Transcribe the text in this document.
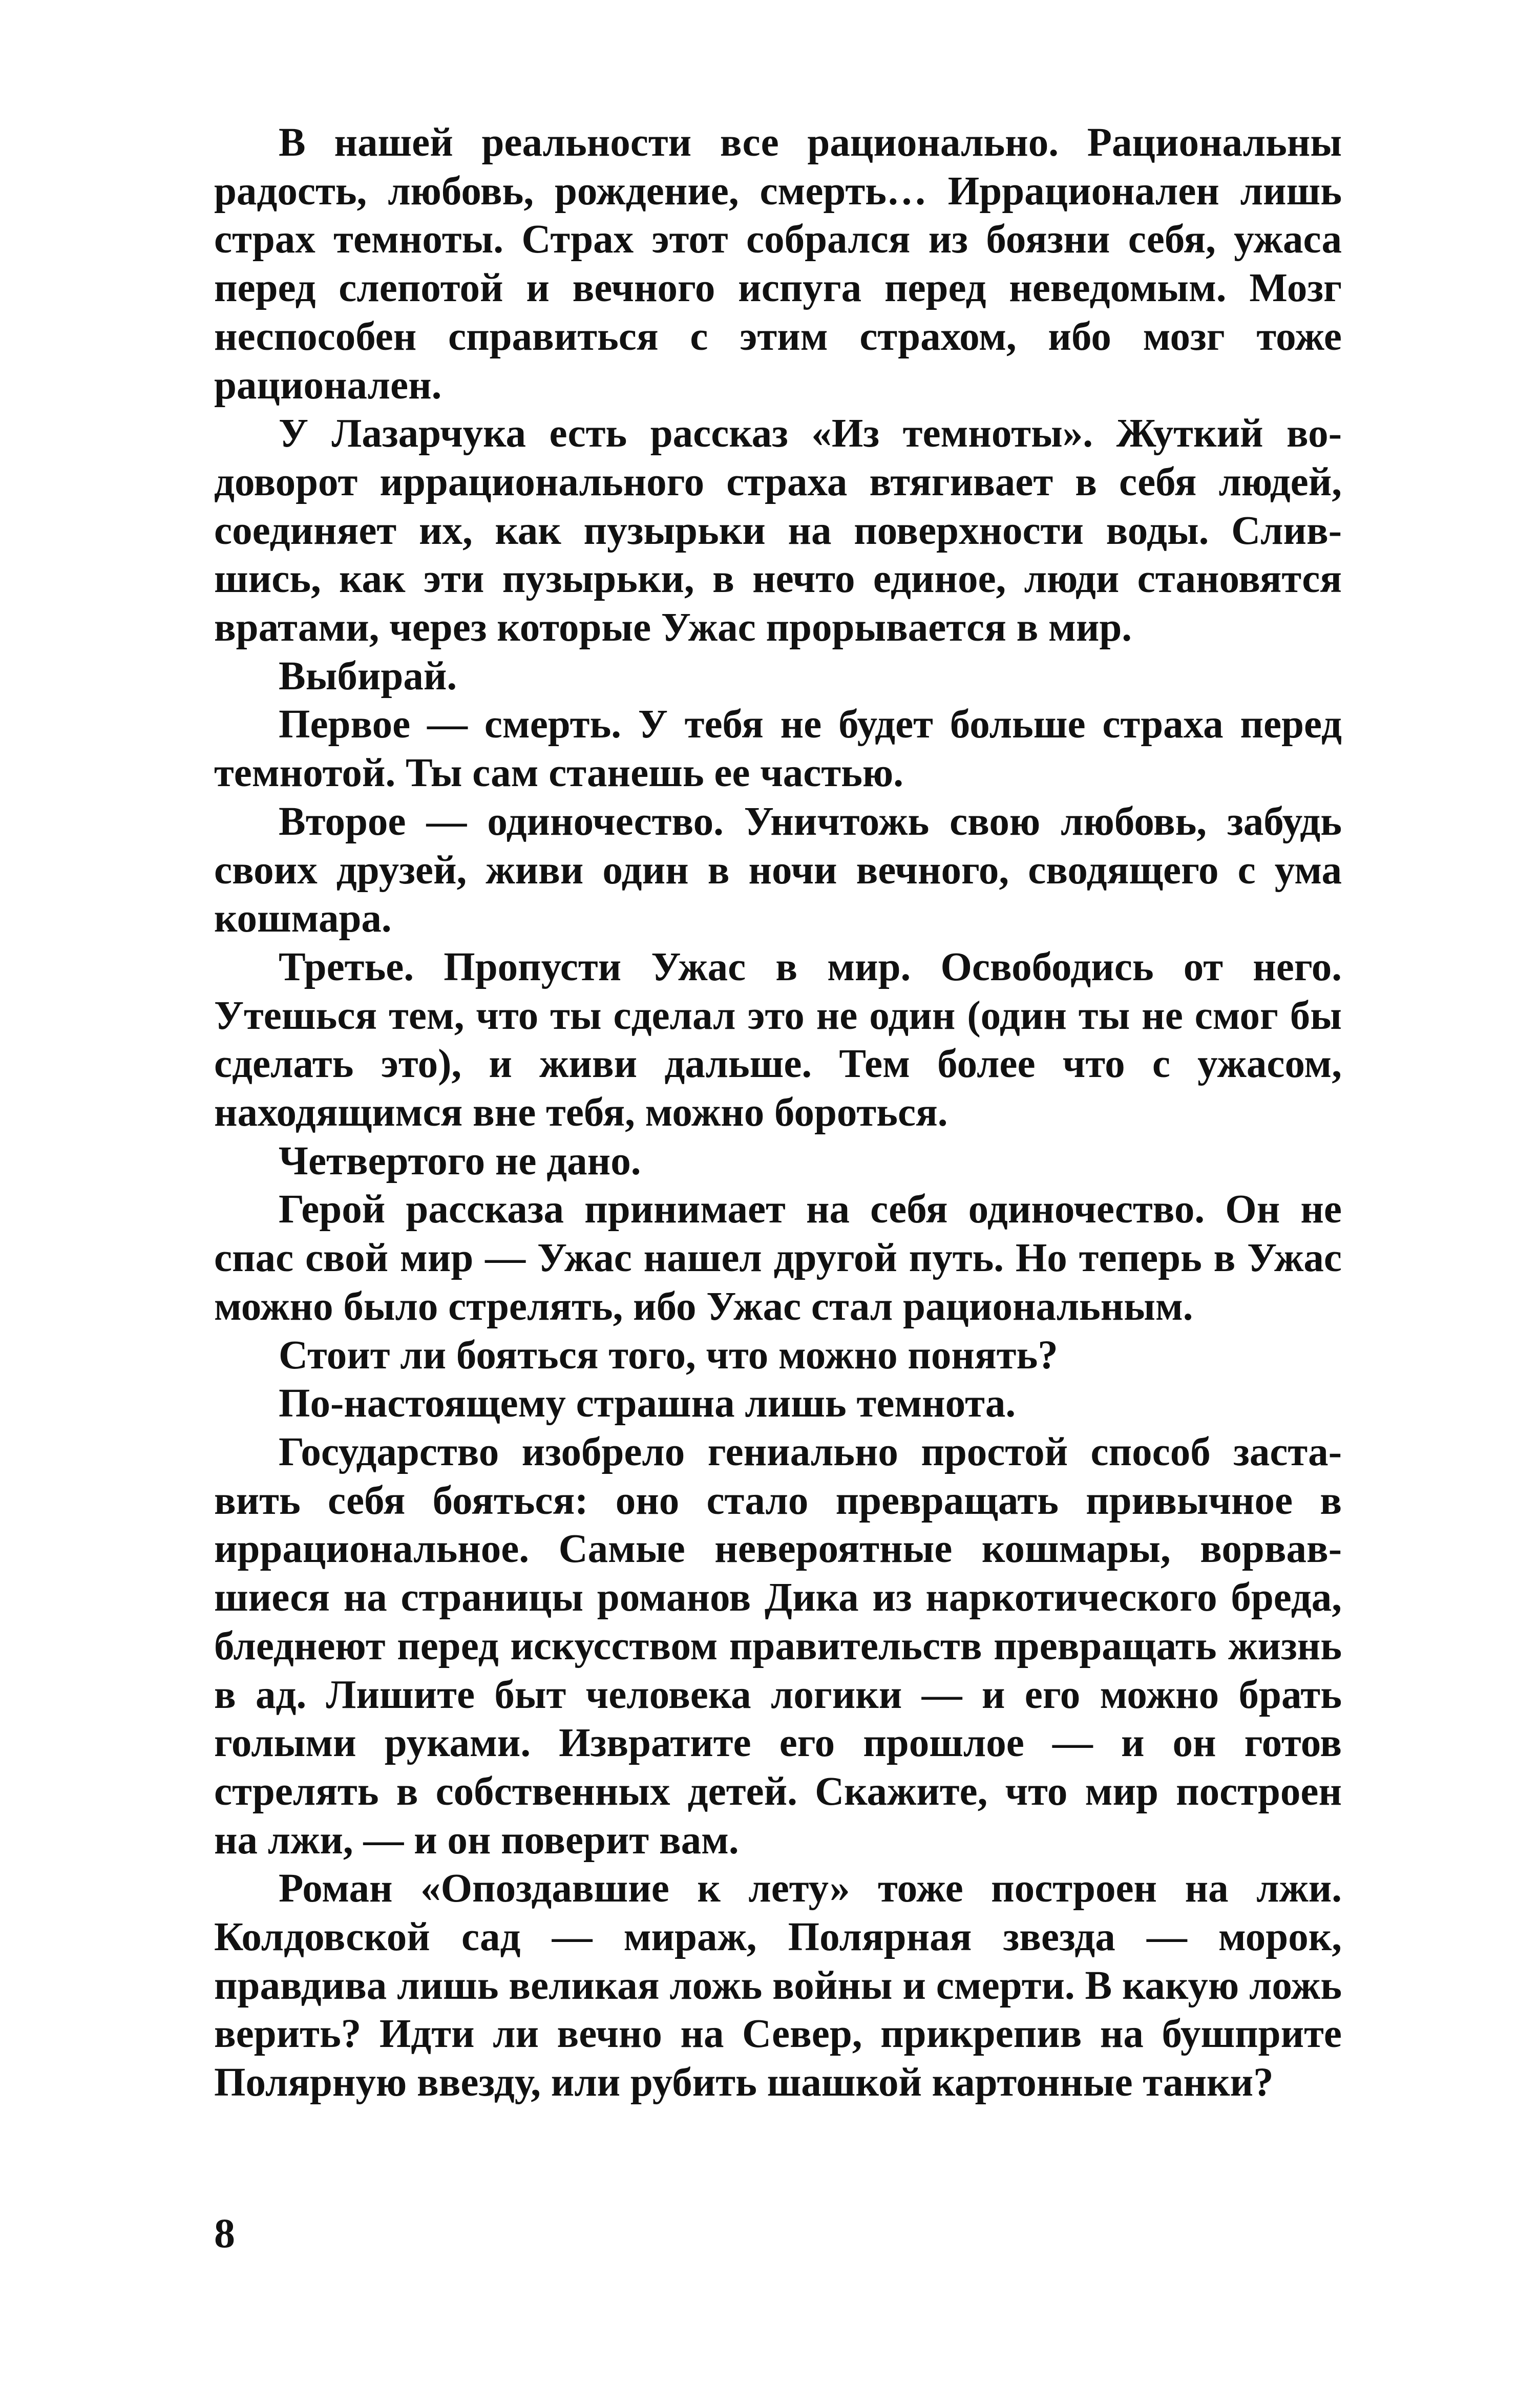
В нашей реальности все рационально. Рациональны радость, любовь, рождение, смерть… Иррационален лишь страх темноты. Страх этот собрался из боязни себя, ужаса перед слепотой и вечного испуга перед неведомым. Мозг неспособен справиться с этим страхом, ибо мозг тоже рационален.

У Лазарчука есть рассказ «Из темноты». Жуткий водоворот иррационального страха втягивает в себя людей, соединяет их, как пузырьки на поверхности воды. Слившись, как эти пузырьки, в нечто единое, люди становятся вратами, через которые Ужас прорывается в мир.

Выбирай.

Первое — смерть. У тебя не будет больше страха перед темнотой. Ты сам станешь ее частью.

Второе — одиночество. Уничтожь свою любовь, забудь своих друзей, живи один в ночи вечного, сводящего с ума кошмара.

Третье. Пропусти Ужас в мир. Освободись от него. Утешься тем, что ты сделал это не один (один ты не смог бы сделать это), и живи дальше. Тем более что с ужасом, находящимся вне тебя, можно бороться.

Четвертого не дано.

Герой рассказа принимает на себя одиночество. Он не спас свой мир — Ужас нашел другой путь. Но теперь в Ужас можно было стрелять, ибо Ужас стал рациональным.

Стоит ли бояться того, что можно понять?

По-настоящему страшна лишь темнота.

Государство изобрело гениально простой способ заставить себя бояться: оно стало превращать привычное в иррациональное. Самые невероятные кошмары, ворвавшиеся на страницы романов Дика из наркотического бреда, бледнеют перед искусством правительств превращать жизнь в ад. Лишите быт человека логики — и его можно брать голыми руками. Извратите его прошлое — и он готов стрелять в собственных детей. Скажите, что мир построен на лжи, — и он поверит вам.

Роман «Опоздавшие к лету» тоже построен на лжи. Колдовской сад — мираж, Полярная звезда — морок, правдива лишь великая ложь войны и смерти. В какую ложь верить? Идти ли вечно на Север, прикрепив на бушприте Полярную ввезду, или рубить шашкой картонные танки?

8
